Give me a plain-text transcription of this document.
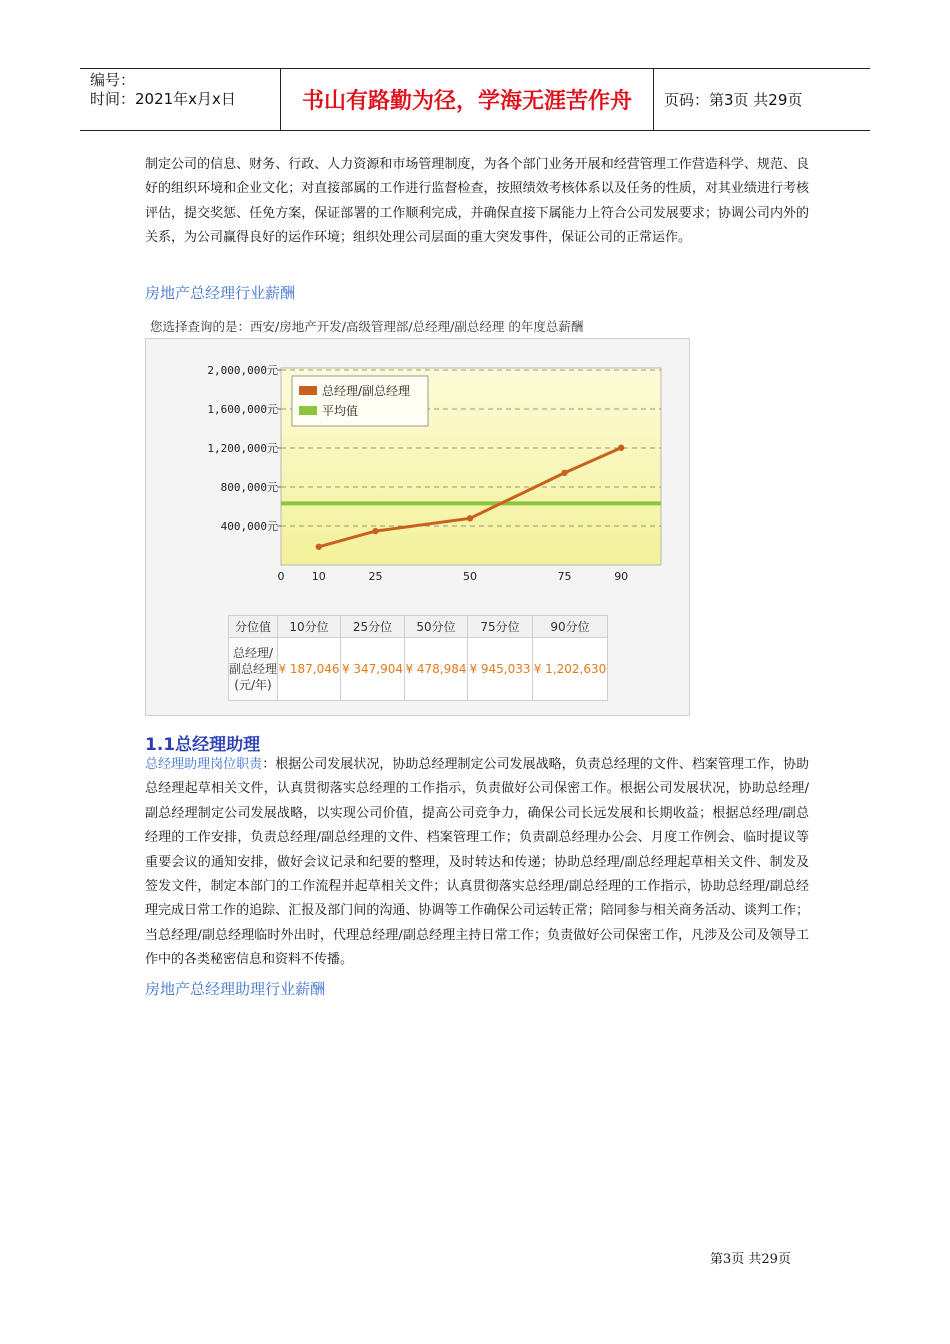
编号：
时间：2021年x月x日	书山有路勤为径，学海无涯苦作舟	页码：第3页 共29页
制定公司的信息、财务、行政、人力资源和市场管理制度，为各个部门业务开展和经营管理工作营造科学、规范、良好的组织环境和企业文化；对直接部属的工作进行监督检查，按照绩效考核体系以及任务的性质，对其业绩进行考核评估，提交奖惩、任免方案，保证部署的工作顺利完成，并确保直接下属能力上符合公司发展要求；协调公司内外的关系，为公司赢得良好的运作环境；组织处理公司层面的重大突发事件，保证公司的正常运作。
房地产总经理行业薪酬
您选择查询的是：西安/房地产开发/高级管理部/总经理/副总经理 的年度总薪酬
2,000,000元
1,600,000元
1,200,000元
800,000元
400,000元
0 10	25	50	75	90
总经理/副总经理
平均值
分位值	10分位	25分位	50分位	75分位	90分位
总经理/副总经理(元/年)	¥ 187,046	¥ 347,904	¥ 478,984	¥ 945,033	¥ 1,202,630
1.1总经理助理
总经理助理岗位职责：根据公司发展状况，协助总经理制定公司发展战略，负责总经理的文件、档案管理工作，协助总经理起草相关文件，认真贯彻落实总经理的工作指示，负责做好公司保密工作。根据公司发展状况，协助总经理/副总经理制定公司发展战略，以实现公司价值，提高公司竞争力，确保公司长远发展和长期收益；根据总经理/副总经理的工作安排，负责总经理/副总经理的文件、档案管理工作；负责副总经理办公会、月度工作例会、临时提议等重要会议的通知安排，做好会议记录和纪要的整理，及时转达和传递；协助总经理/副总经理起草相关文件、制发及签发文件，制定本部门的工作流程并起草相关文件；认真贯彻落实总经理/副总经理的工作指示，协助总经理/副总经理完成日常工作的追踪、汇报及部门间的沟通、协调等工作确保公司运转正常；陪同参与相关商务活动、谈判工作；当总经理/副总经理临时外出时，代理总经理/副总经理主持日常工作；负责做好公司保密工作，凡涉及公司及领导工作中的各类秘密信息和资料不传播。
房地产总经理助理行业薪酬
第3页 共29页
